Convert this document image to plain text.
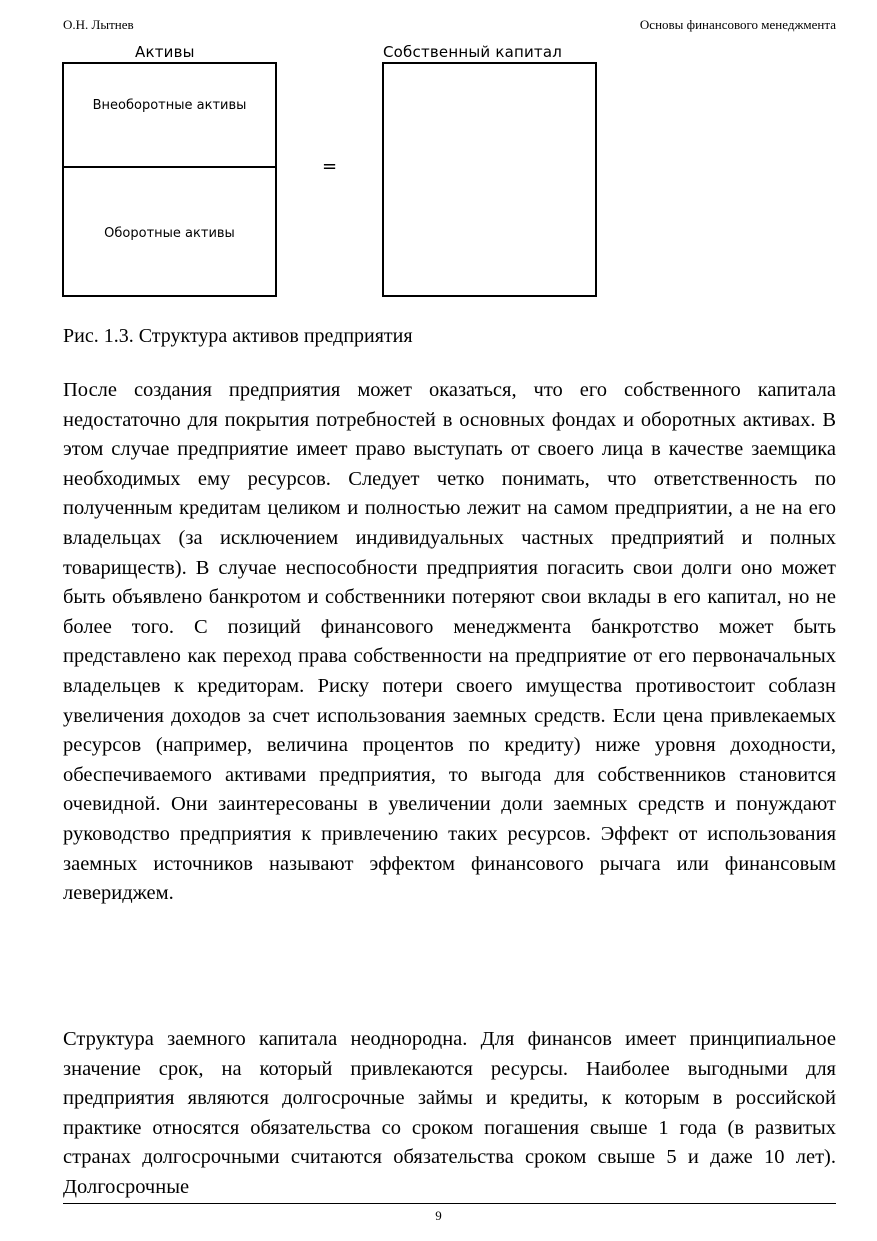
О.Н. Лытнев	Основы финансового менеджмента
Активы	Собственный капитал
Внеоборотные активы
Оборотные активы
=
Рис. 1.3. Структура активов предприятия

После создания предприятия может оказаться, что его собственного капитала недостаточно для покрытия потребностей в основных фондах и оборотных активах. В этом случае предприятие имеет право выступать от своего лица в качестве заемщика необходимых ему ресурсов. Следует четко понимать, что ответственность по полученным кредитам целиком и полностью лежит на самом предприятии, а не на его владельцах (за исключением индивидуальных частных предприятий и полных товариществ). В случае неспособности предприятия погасить свои долги оно может быть объявлено банкротом и собственники потеряют свои вклады в его капитал, но не более того. С позиций финансового менеджмента банкротство может быть представлено как переход права собственности на предприятие от его первоначальных владельцев к кредиторам. Риску потери своего имущества противостоит соблазн увеличения доходов за счет использования заемных средств. Если цена привлекаемых ресурсов (например, величина процентов по кредиту) ниже уровня доходности, обеспечиваемого активами предприятия, то выгода для собственников становится очевидной. Они заинтересованы в увеличении доли заемных средств и понуждают руководство предприятия к привлечению таких ресурсов. Эффект от использования заемных источников называют эффектом финансового рычага или финансовым левериджем.

Структура заемного капитала неоднородна. Для финансов имеет принципиальное значение срок, на который привлекаются ресурсы. Наиболее выгодными для предприятия являются долгосрочные займы и кредиты, к которым в российской практике относятся обязательства со сроком погашения свыше 1 года (в развитых странах долгосрочными считаются обязательства сроком свыше 5 и даже 10 лет). Долгосрочные

9
